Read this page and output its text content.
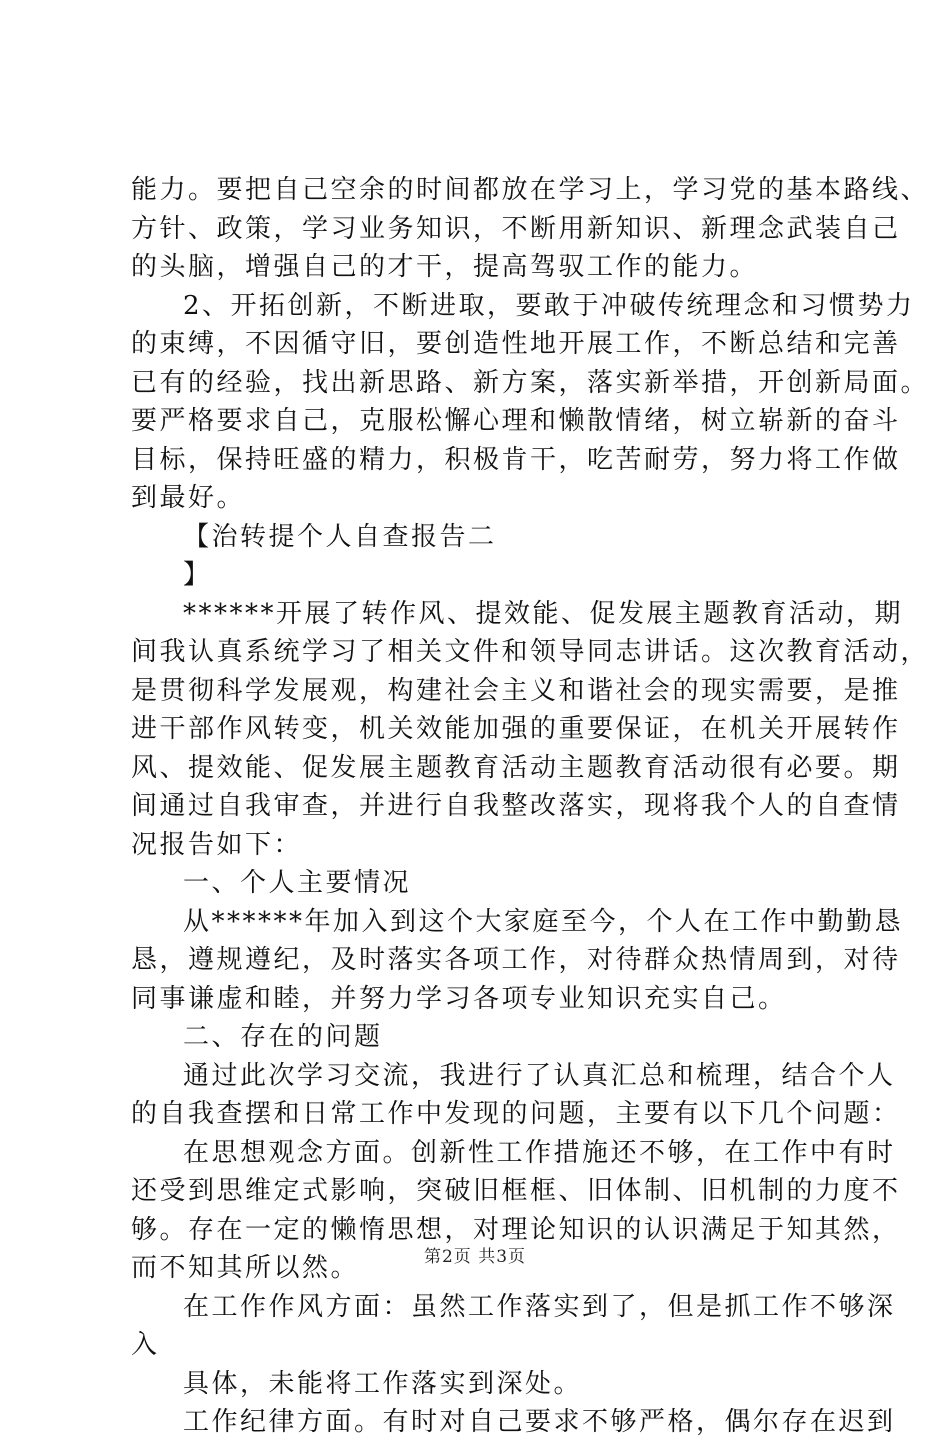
能力。要把自己空余的时间都放在学习上，学习党的基本路线、
方针、政策，学习业务知识，不断用新知识、新理念武装自己
的头脑，增强自己的才干，提高驾驭工作的能力。
2、开拓创新，不断进取，要敢于冲破传统理念和习惯势力
的束缚，不因循守旧，要创造性地开展工作，不断总结和完善
已有的经验，找出新思路、新方案，落实新举措，开创新局面。
要严格要求自己，克服松懈心理和懒散情绪，树立崭新的奋斗
目标，保持旺盛的精力，积极肯干，吃苦耐劳，努力将工作做
到最好。
【治转提个人自查报告二
】
******开展了转作风、提效能、促发展主题教育活动，期
间我认真系统学习了相关文件和领导同志讲话。这次教育活动，
是贯彻科学发展观，构建社会主义和谐社会的现实需要，是推
进干部作风转变，机关效能加强的重要保证，在机关开展转作
风、提效能、促发展主题教育活动主题教育活动很有必要。期
间通过自我审查，并进行自我整改落实，现将我个人的自查情
况报告如下：
一、个人主要情况
从******年加入到这个大家庭至今，个人在工作中勤勤恳
恳，遵规遵纪，及时落实各项工作，对待群众热情周到，对待
同事谦虚和睦，并努力学习各项专业知识充实自己。
二、存在的问题
通过此次学习交流，我进行了认真汇总和梳理，结合个人
的自我查摆和日常工作中发现的问题，主要有以下几个问题：
在思想观念方面。创新性工作措施还不够，在工作中有时
还受到思维定式影响，突破旧框框、旧体制、旧机制的力度不
够。存在一定的懒惰思想，对理论知识的认识满足于知其然，
而不知其所以然。
在工作作风方面：虽然工作落实到了，但是抓工作不够深
入
具体，未能将工作落实到深处。
工作纪律方面。有时对自己要求不够严格，偶尔存在迟到
第2页 共3页
